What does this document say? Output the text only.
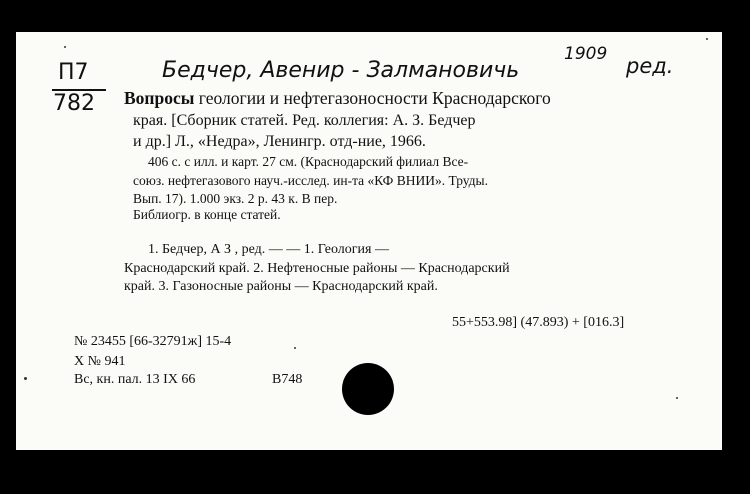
П7
782
Бедчер, Авенир - Залмановичь
1909 ред.
Вопросы геологии и нефтегазоносности Краснодарского
края. [Сборник статей. Ред. коллегия: А. З. Бедчер
и др.] Л., «Недра», Ленингр. отд-ние, 1966.
406 с. с илл. и карт. 27 см. (Краснодарский филиал Все-
союз. нефтегазового науч.-исслед. ин-та «КФ ВНИИ». Труды.
Вып. 17). 1.000 экз. 2 р. 43 к. В пер.
Библиогр. в конце статей.
1. Бедчер, А З , ред. — — 1. Геология —
Краснодарский край. 2. Нефтеносные районы — Краснодарский
край. 3. Газоносные районы — Краснодарский край.
55+553.98] (47.893) + [016.3]
№ 23455 [66-32791ж] 15-4
Х № 941
Вс, кн. пал. 13 IX 66	B748
